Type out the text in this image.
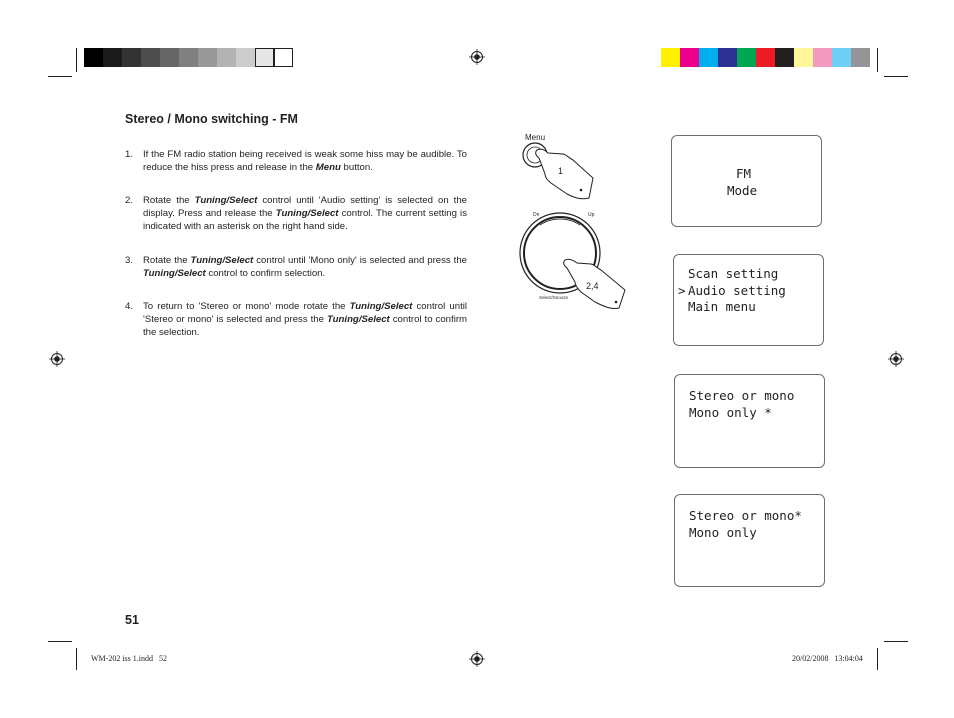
Stereo / Mono switching - FM
1. If the FM radio station being received is weak some hiss may be audible. To reduce the hiss press and release in the Menu button.
2. Rotate the Tuning/Select control until 'Audio setting' is selected on the display. Press and release the Tuning/Select control. The current setting is indicated with an asterisk on the right hand side.
3. Rotate the Tuning/Select control until 'Mono only' is selected and press the Tuning/Select control to confirm selection.
4. To return to 'Stereo or mono' mode rotate the Tuning/Select control until 'Stereo or mono' is selected and press the Tuning/Select control to confirm the selection.
Menu
1
Dn	Up
Select/Snooze
2,4
FM
Mode
>
Scan setting
Audio setting
Main menu
Stereo or mono
Mono only *
Stereo or mono*
Mono only
51
WM-202 iss 1.indd   52	20/02/2008   13:04:04
